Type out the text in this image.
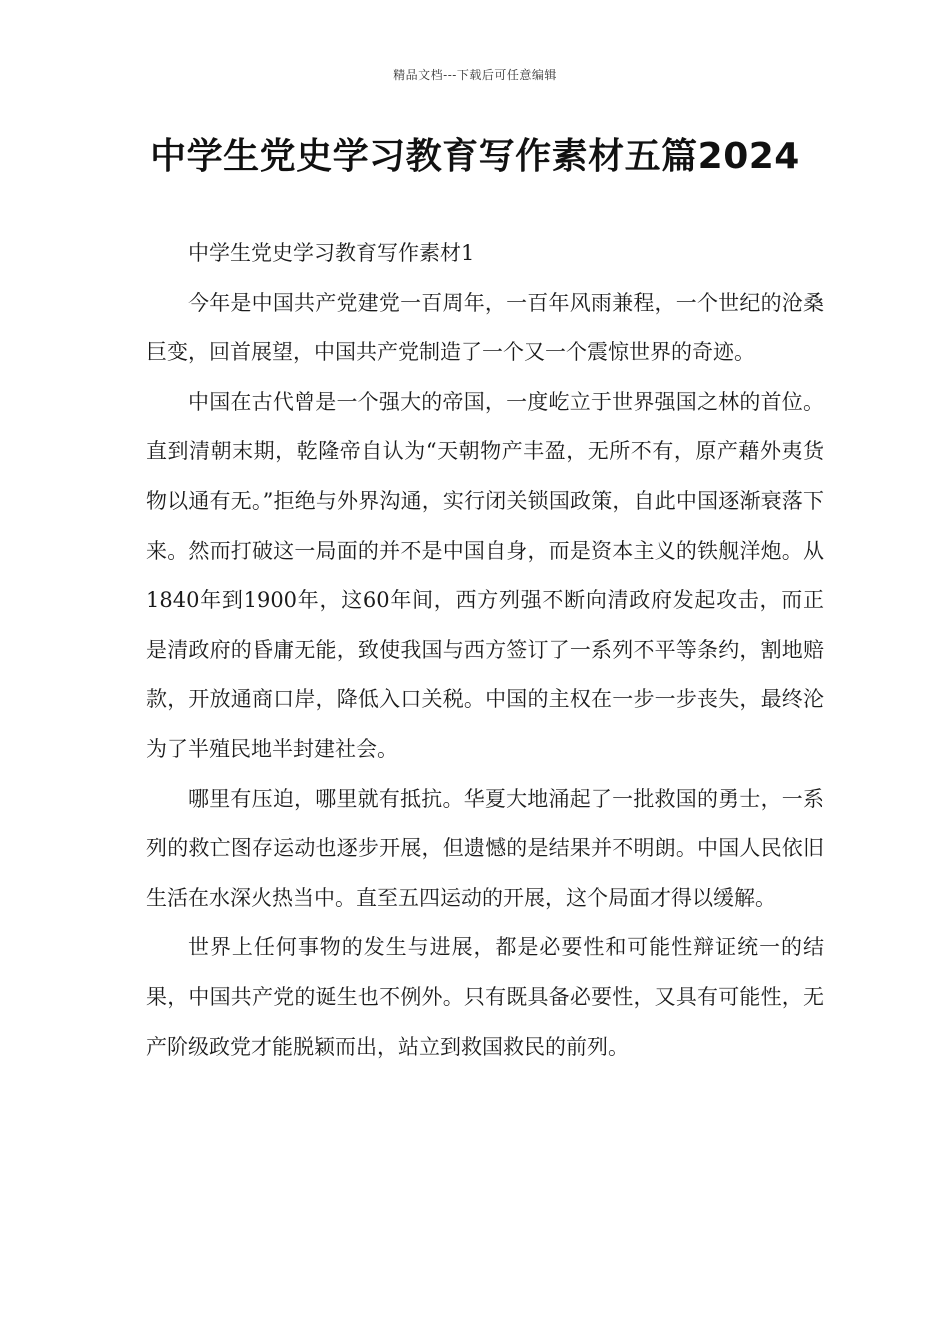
精品文档---下载后可任意编辑
中学生党史学习教育写作素材五篇2024

中学生党史学习教育写作素材1

今年是中国共产党建党一百周年，一百年风雨兼程，一个世纪的沧桑巨变，回首展望，中国共产党制造了一个又一个震惊世界的奇迹。

中国在古代曾是一个强大的帝国，一度屹立于世界强国之林的首位。直到清朝末期，乾隆帝自认为“天朝物产丰盈，无所不有，原产藉外夷货物以通有无。”拒绝与外界沟通，实行闭关锁国政策，自此中国逐渐衰落下来。然而打破这一局面的并不是中国自身，而是资本主义的铁舰洋炮。从1840年到1900年，这60年间，西方列强不断向清政府发起攻击，而正是清政府的昏庸无能，致使我国与西方签订了一系列不平等条约，割地赔款，开放通商口岸，降低入口关税。中国的主权在一步一步丧失，最终沦为了半殖民地半封建社会。

哪里有压迫，哪里就有抵抗。华夏大地涌起了一批救国的勇士，一系列的救亡图存运动也逐步开展，但遗憾的是结果并不明朗。中国人民依旧生活在水深火热当中。直至五四运动的开展，这个局面才得以缓解。

世界上任何事物的发生与进展，都是必要性和可能性辩证统一的结果，中国共产党的诞生也不例外。只有既具备必要性，又具有可能性，无产阶级政党才能脱颖而出，站立到救国救民的前列。
